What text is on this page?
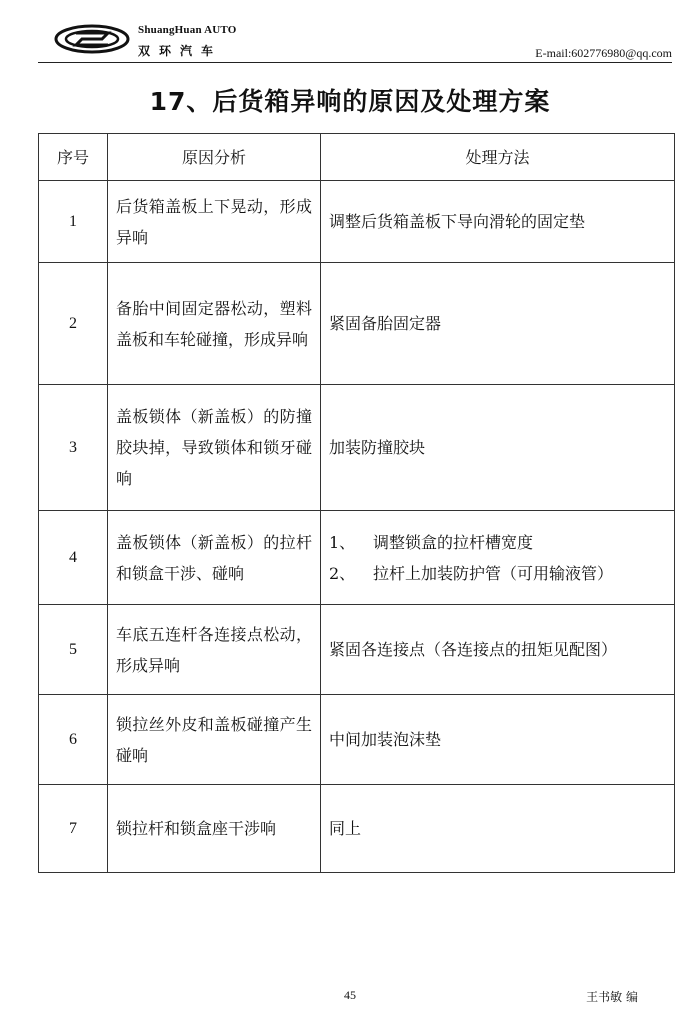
ShuangHuan AUTO
双环汽车	E-mail:602776980@qq.com
17、后货箱异响的原因及处理方案
序号	原因分析	处理方法
1	后货箱盖板上下晃动，形成异响	调整后货箱盖板下导向滑轮的固定垫

2	备胎中间固定器松动，塑料盖板和车轮碰撞，形成异响	紧固备胎固定器

3	盖板锁体（新盖板）的防撞胶块掉，导致锁体和锁牙碰响	加装防撞胶块

4	盖板锁体（新盖板）的拉杆和锁盒干涉、碰响	1、 调整锁盒的拉杆槽宽度
2、 拉杆上加装防护管（可用输液管）

5	车底五连杆各连接点松动，形成异响	紧固各连接点（各连接点的扭矩见配图）

6	锁拉丝外皮和盖板碰撞产生碰响	中间加装泡沫垫

7	锁拉杆和锁盒座干涉响	同上
45	王书敏 编
